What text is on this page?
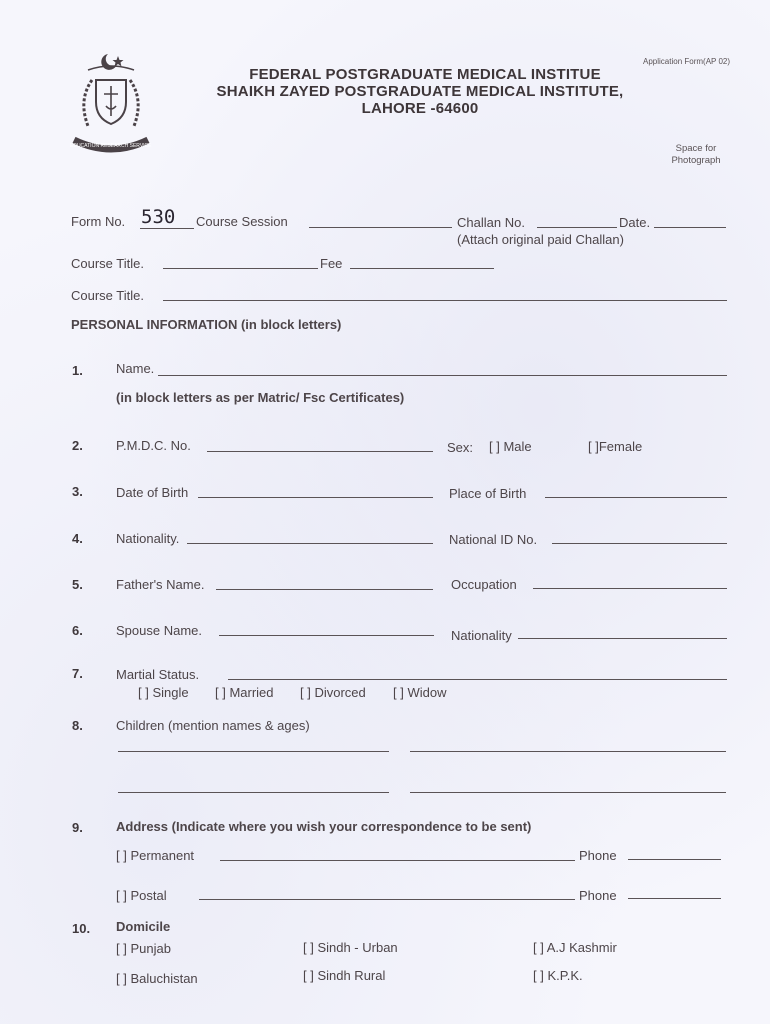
EDUCATION RESEARCH SERVICE
Application Form(AP 02)
FEDERAL POSTGRADUATE MEDICAL INSTITUE
SHAIKH ZAYED POSTGRADUATE MEDICAL INSTITUTE,
LAHORE -64600
Space for
Photograph
Form No. 530 Course Session	Challan No.	Date.
(Attach original paid Challan)
Course Title.	Fee
Course Title.
PERSONAL INFORMATION (in block letters)
1.	Name.
(in block letters as per Matric/ Fsc Certificates)
2.	P.M.D.C. No.	Sex: [ ] Male	[ ]Female
3.	Date of Birth	Place of Birth
4.	Nationality.	National ID No.
5.	Father's Name.	Occupation
6.	Spouse Name.	Nationality
7.	Martial Status.
[ ] Single [ ] Married [ ] Divorced [ ] Widow
8.	Children (mention names & ages)
9.	Address (Indicate where you wish your correspondence to be sent)
[ ] Permanent	Phone
[ ] Postal	Phone
10. Domicile
[ ] Punjab	[ ] Sindh - Urban	[ ] A.J Kashmir
[ ] Baluchistan	[ ] Sindh Rural	[ ] K.P.K.
